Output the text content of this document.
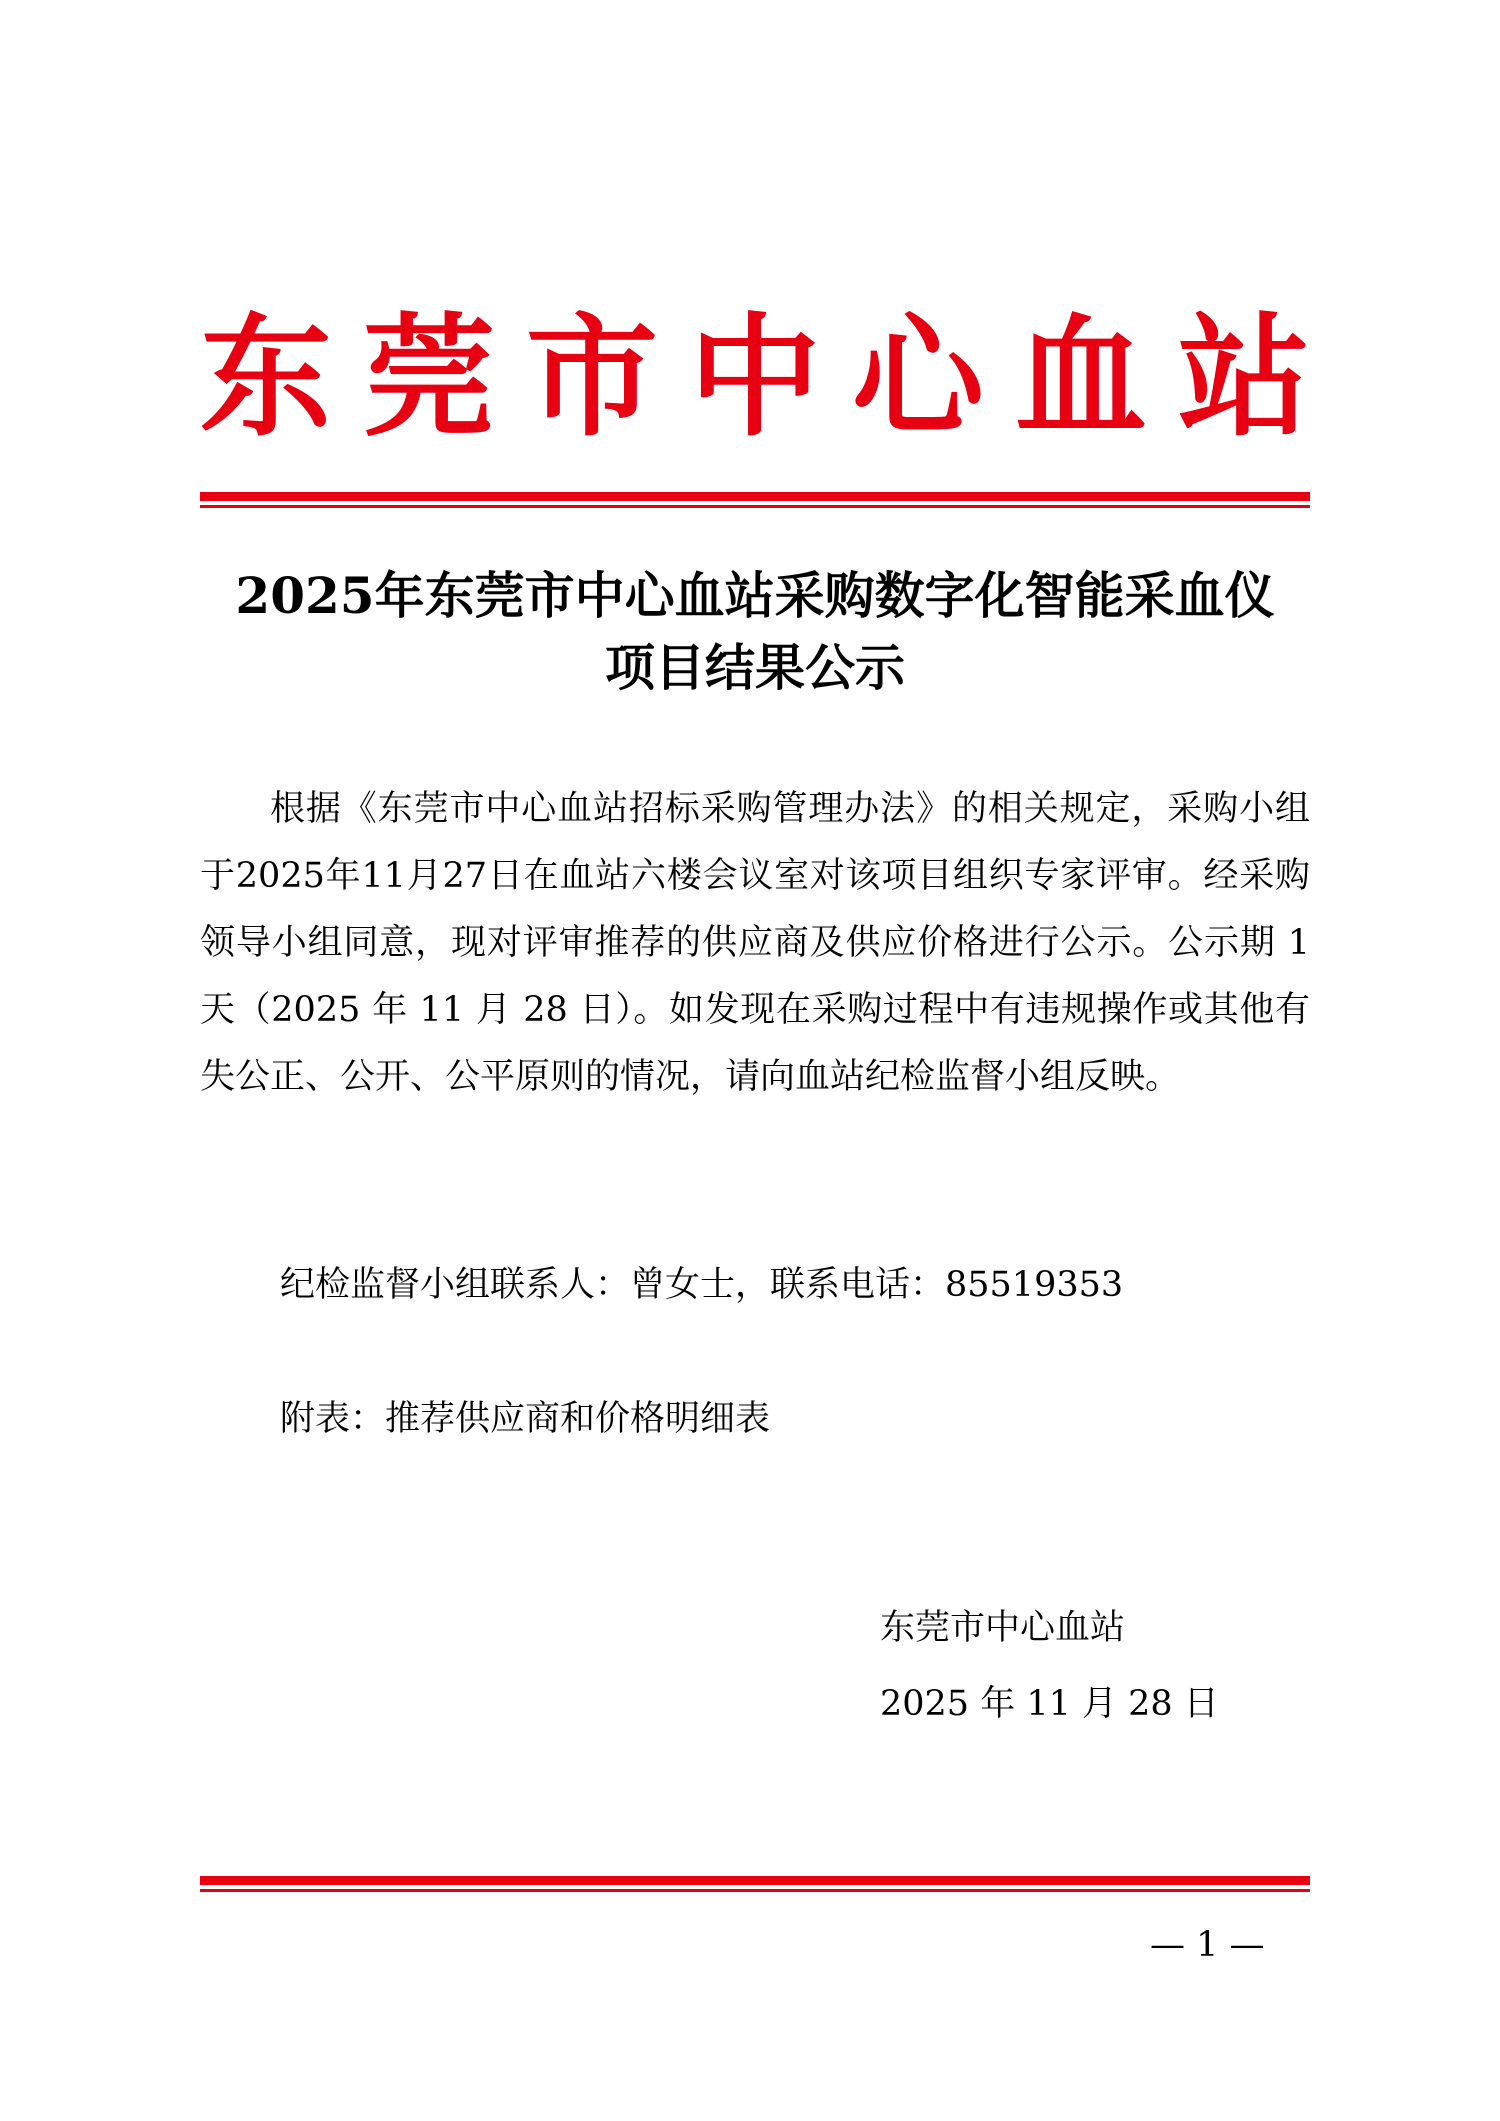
东 莞 市 中 心 血 站
2025年东莞市中心血站采购数字化智能采血仪
项目结果公示

根据《东莞市中心血站招标采购管理办法》的相关规定，采购小组于2025年11月27日在血站六楼会议室对该项目组织专家评审。经采购领导小组同意，现对评审推荐的供应商及供应价格进行公示。公示期 1 天（2025 年 11 月 28 日）。如发现在采购过程中有违规操作或其他有失公正、公开、公平原则的情况，请向血站纪检监督小组反映。

纪检监督小组联系人：曾女士，联系电话：85519353
附表：推荐供应商和价格明细表
东莞市中心血站
2025 年 11 月 28 日
— 1 —
